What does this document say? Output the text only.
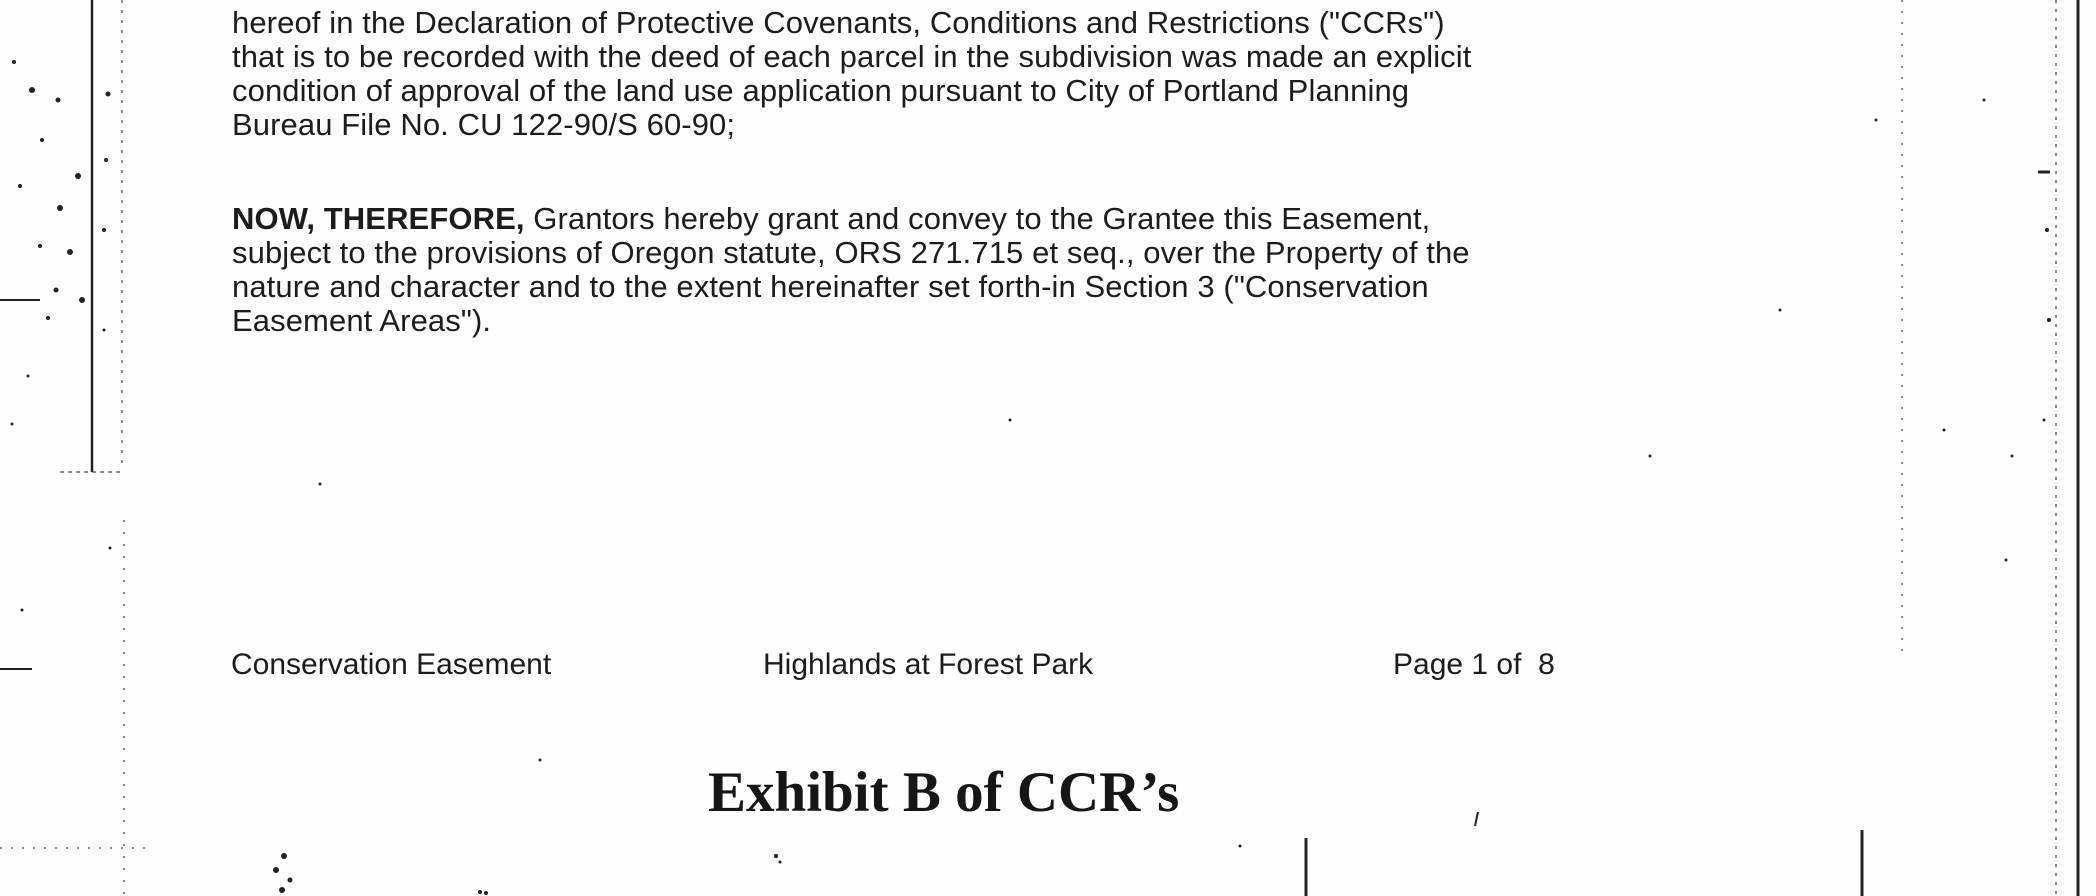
hereof in the Declaration of Protective Covenants, Conditions and Restrictions ("CCRs")
that is to be recorded with the deed of each parcel in the subdivision was made an explicit
condition of approval of the land use application pursuant to City of Portland Planning
Bureau File No. CU 122-90/S 60-90;
NOW, THEREFORE, Grantors hereby grant and convey to the Grantee this Easement,
subject to the provisions of Oregon statute, ORS 271.715 et seq., over the Property of the
nature and character and to the extent hereinafter set forth-in Section 3 ("Conservation
Easement Areas").
Conservation Easement	Highlands at Forest Park	Page 1 of  8
Exhibit B of CCR’s
